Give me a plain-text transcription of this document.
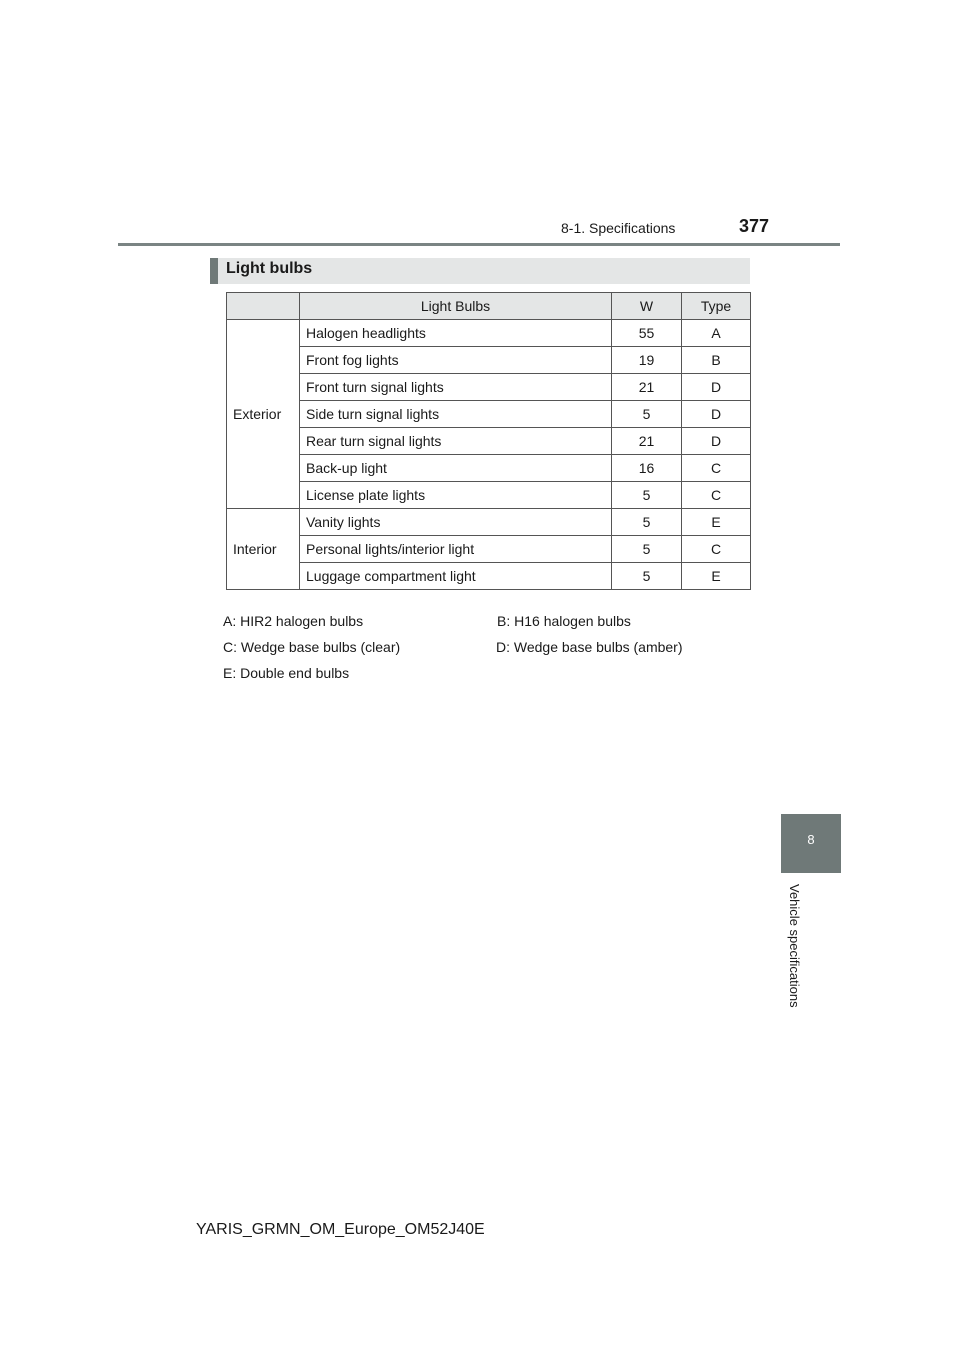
8-1. Specifications	377
Light bulbs
	Light Bulbs	W	Type
Exterior	Halogen headlights	55	A
	Front fog lights	19	B
	Front turn signal lights	21	D
	Side turn signal lights	5	D
	Rear turn signal lights	21	D
	Back-up light	16	C
	License plate lights	5	C
Interior	Vanity lights	5	E
	Personal lights/interior light	5	C
	Luggage compartment light	5	E
A: HIR2 halogen bulbs	B: H16 halogen bulbs
C: Wedge base bulbs (clear)	D: Wedge base bulbs (amber)
E: Double end bulbs
8
Vehicle specifications
YARIS_GRMN_OM_Europe_OM52J40E
